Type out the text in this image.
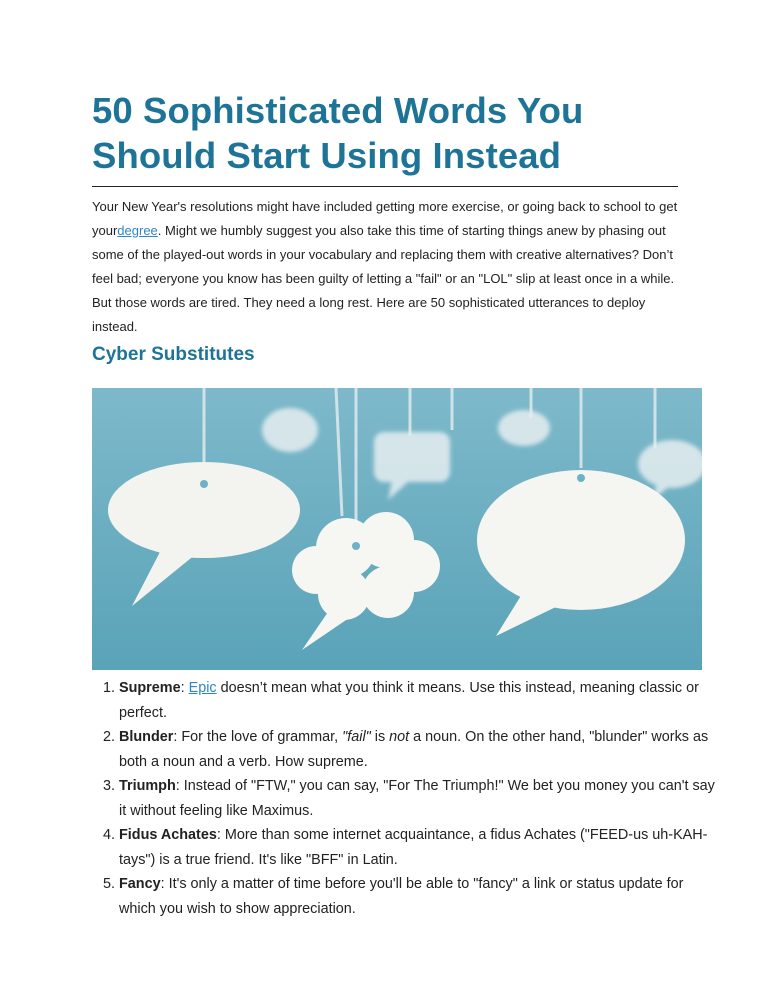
50 Sophisticated Words You Should Start Using Instead

Your New Year's resolutions might have included getting more exercise, or going back to school to get yourdegree. Might we humbly suggest you also take this time of starting things anew by phasing out some of the played-out words in your vocabulary and replacing them with creative alternatives? Don’t feel bad; everyone you know has been guilty of letting a "fail" or an "LOL" slip at least once in a while. But those words are tired. They need a long rest. Here are 50 sophisticated utterances to deploy instead.

Cyber Substitutes
1. Supreme: Epic doesn’t mean what you think it means. Use this instead, meaning classic or perfect.
2. Blunder: For the love of grammar, "fail" is not a noun. On the other hand, "blunder" works as both a noun and a verb. How supreme.
3. Triumph: Instead of "FTW," you can say, "For The Triumph!" We bet you money you can't say it without feeling like Maximus.
4. Fidus Achates: More than some internet acquaintance, a fidus Achates ("FEED-us uh-KAH-tays") is a true friend. It's like "BFF" in Latin.
5. Fancy: It's only a matter of time before you'll be able to "fancy" a link or status update for which you wish to show appreciation.
